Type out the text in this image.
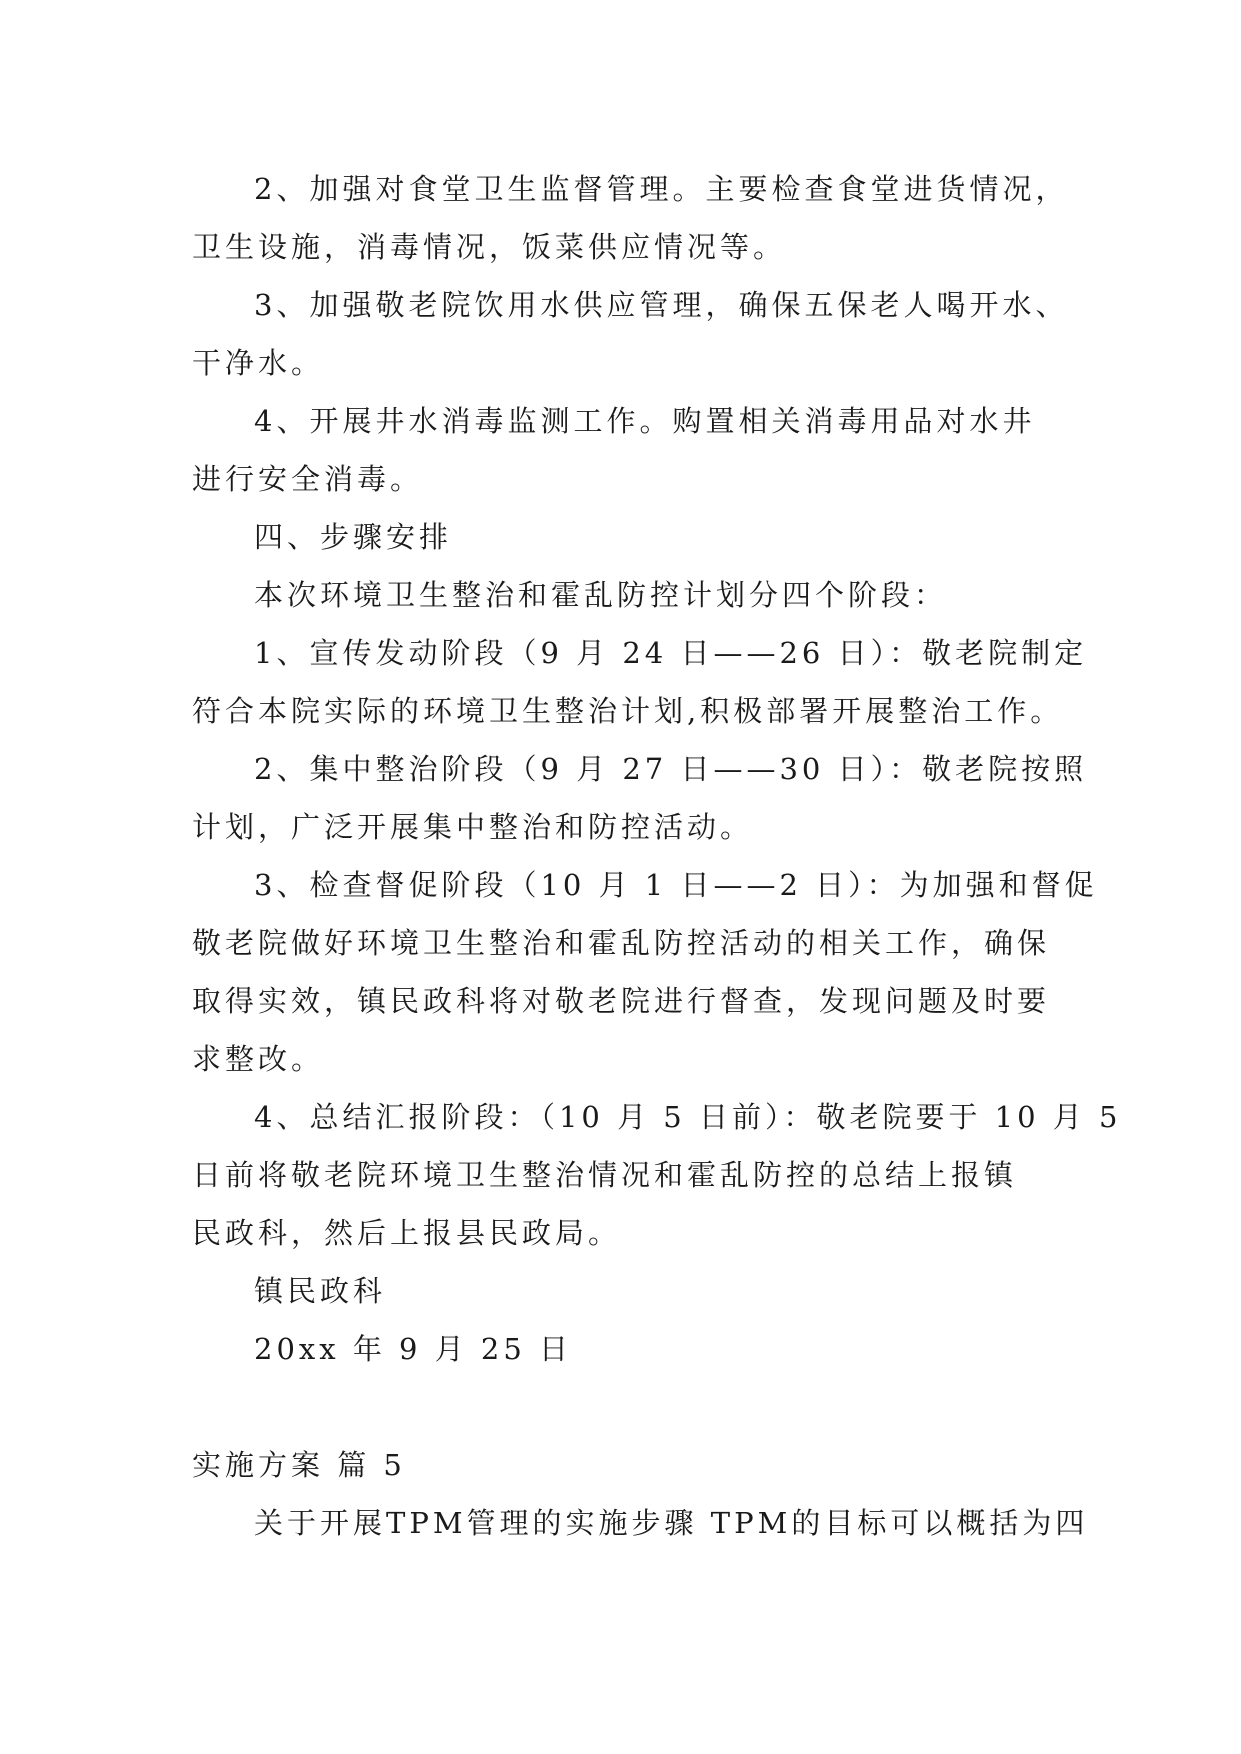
2、加强对食堂卫生监督管理。主要检查食堂进货情况，
卫生设施，消毒情况，饭菜供应情况等。
3、加强敬老院饮用水供应管理，确保五保老人喝开水、
干净水。
4、开展井水消毒监测工作。购置相关消毒用品对水井
进行安全消毒。
四、步骤安排
本次环境卫生整治和霍乱防控计划分四个阶段：
1、宣传发动阶段（9 月 24 日——26 日）：敬老院制定
符合本院实际的环境卫生整治计划,积极部署开展整治工作。
2、集中整治阶段（9 月 27 日——30 日）：敬老院按照
计划，广泛开展集中整治和防控活动。
3、检查督促阶段（10 月 1 日——2 日）：为加强和督促
敬老院做好环境卫生整治和霍乱防控活动的相关工作，确保
取得实效，镇民政科将对敬老院进行督查，发现问题及时要
求整改。
4、总结汇报阶段：（10 月 5 日前）：敬老院要于 10 月 5
日前将敬老院环境卫生整治情况和霍乱防控的总结上报镇
民政科，然后上报县民政局。
镇民政科
20xx 年 9 月 25 日
实施方案 篇 5
关于开展TPM管理的实施步骤 TPM的目标可以概括为四
